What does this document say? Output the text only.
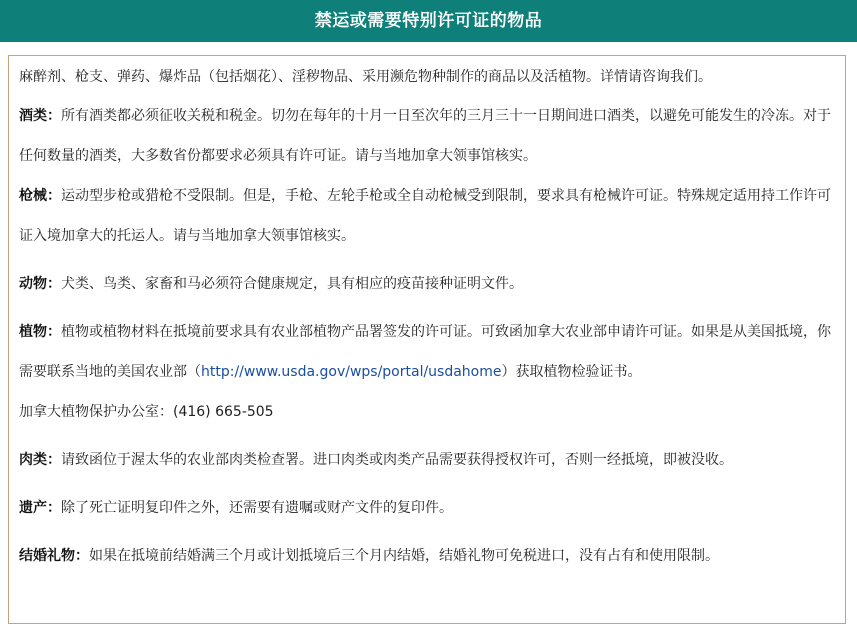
禁运或需要特别许可证的物品

麻醉剂、枪支、弹药、爆炸品（包括烟花）、淫秽物品、采用濒危物种制作的商品以及活植物。详情请咨询我们。

酒类：所有酒类都必须征收关税和税金。切勿在每年的十月一日至次年的三月三十一日期间进口酒类，以避免可能发生的冷冻。对于任何数量的酒类，大多数省份都要求必须具有许可证。请与当地加拿大领事馆核实。

枪械：运动型步枪或猎枪不受限制。但是，手枪、左轮手枪或全自动枪械受到限制，要求具有枪械许可证。特殊规定适用持工作许可证入境加拿大的托运人。请与当地加拿大领事馆核实。

动物：犬类、鸟类、家畜和马必须符合健康规定，具有相应的疫苗接种证明文件。

植物：植物或植物材料在抵境前要求具有农业部植物产品署签发的许可证。可致函加拿大农业部申请许可证。如果是从美国抵境，你需要联系当地的美国农业部（http://www.usda.gov/wps/portal/usdahome）获取植物检验证书。
加拿大植物保护办公室：(416) 665-505

肉类：请致函位于渥太华的农业部肉类检查署。进口肉类或肉类产品需要获得授权许可，否则一经抵境，即被没收。

遗产：除了死亡证明复印件之外，还需要有遗嘱或财产文件的复印件。

结婚礼物：如果在抵境前结婚满三个月或计划抵境后三个月内结婚，结婚礼物可免税进口，没有占有和使用限制。
